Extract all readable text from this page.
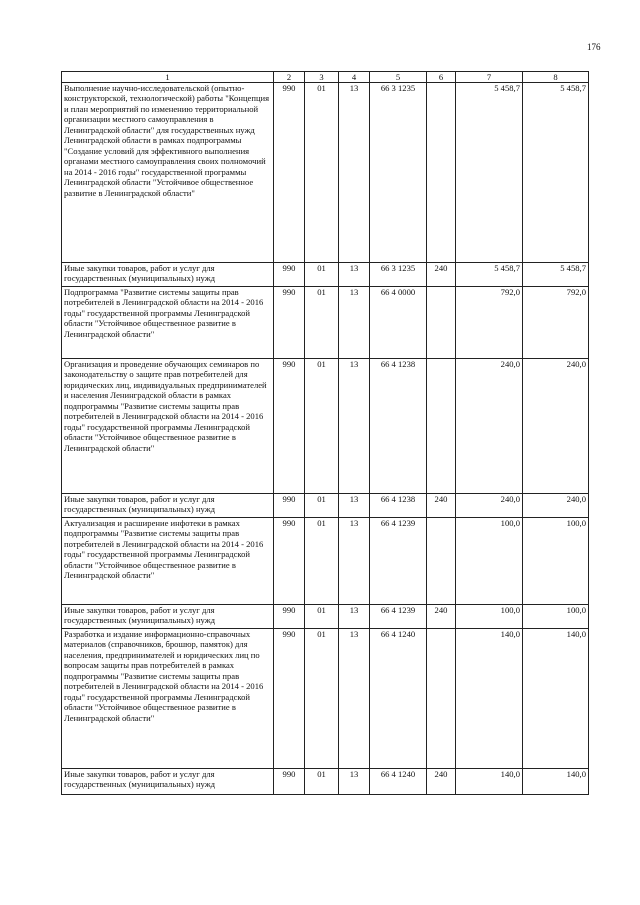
176
1	2	3	4	5	6	7	8
Выполнение научно-исследовательской (опытно-конструкторской, технологической) работы "Концепция и план мероприятий по изменению территориальной организации местного самоуправления в Ленинградской области" для государственных нужд Ленинградской области в рамках подпрограммы "Создание условий для эффективного выполнения органами местного самоуправления своих полномочий на 2014 - 2016 годы" государственной программы Ленинградской области "Устойчивое общественное развитие в Ленинградской области"	990	01	13	66 3 1235		5 458,7	5 458,7
Иные закупки товаров, работ и услуг для государственных (муниципальных) нужд	990	01	13	66 3 1235	240	5 458,7	5 458,7
Подпрограмма "Развитие системы защиты прав потребителей в Ленинградской области на 2014 - 2016 годы" государственной программы Ленинградской области "Устойчивое общественное развитие в Ленинградской области"	990	01	13	66 4 0000		792,0	792,0
Организация и проведение обучающих семинаров по законодательству о защите прав потребителей для юридических лиц, индивидуальных предпринимателей и населения Ленинградской области в рамках подпрограммы "Развитие системы защиты прав потребителей в Ленинградской области на 2014 - 2016 годы" государственной программы Ленинградской области "Устойчивое общественное развитие в Ленинградской области"	990	01	13	66 4 1238		240,0	240,0
Иные закупки товаров, работ и услуг для государственных (муниципальных) нужд	990	01	13	66 4 1238	240	240,0	240,0
Актуализация и расширение инфотеки в рамках подпрограммы "Развитие системы защиты прав потребителей в Ленинградской области на 2014 - 2016 годы" государственной программы Ленинградской области "Устойчивое общественное развитие в Ленинградской области"	990	01	13	66 4 1239		100,0	100,0
Иные закупки товаров, работ и услуг для государственных (муниципальных) нужд	990	01	13	66 4 1239	240	100,0	100,0
Разработка и издание информационно-справочных материалов (справочников, брошюр, памяток) для населения, предпринимателей и юридических лиц по вопросам защиты прав потребителей в рамках подпрограммы "Развитие системы защиты прав потребителей в Ленинградской области на 2014 - 2016 годы" государственной программы Ленинградской области "Устойчивое общественное развитие в Ленинградской области"	990	01	13	66 4 1240		140,0	140,0
Иные закупки товаров, работ и услуг для государственных (муниципальных) нужд	990	01	13	66 4 1240	240	140,0	140,0
